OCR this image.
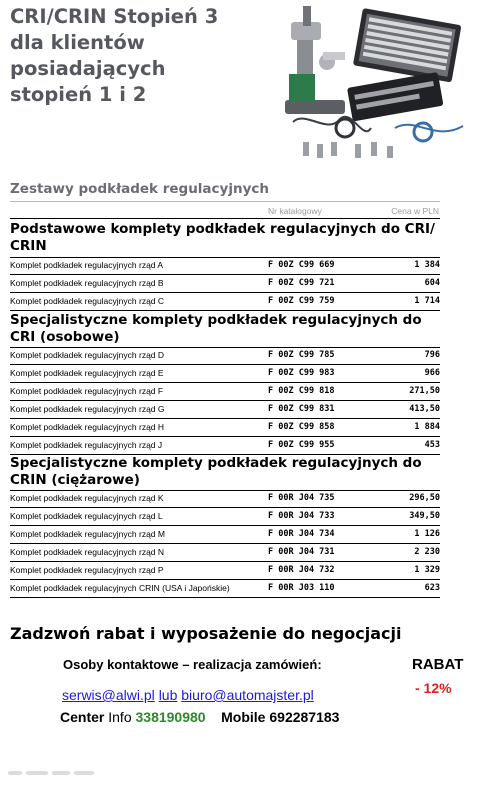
CRI/CRIN Stopień 3
dla klientów
posiadających
stopień 1 i 2
Zestawy podkładek regulacyjnych
Nr katalogowy	Cena w PLN
Podstawowe komplety podkładek regulacyjnych do CRI/ CRIN
Komplet podkładek regulacyjnych rząd A	F 00Z C99 669	1 384
Komplet podkładek regulacyjnych rząd B	F 00Z C99 721	604
Komplet podkładek regulacyjnych rząd C	F 00Z C99 759	1 714
Specjalistyczne komplety podkładek regulacyjnych do CRI (osobowe)
Komplet podkładek regulacyjnych rząd D	F 00Z C99 785	796
Komplet podkładek regulacyjnych rząd E	F 00Z C99 983	966
Komplet podkładek regulacyjnych rząd F	F 00Z C99 818	271,50
Komplet podkładek regulacyjnych rząd G	F 00Z C99 831	413,50
Komplet podkładek regulacyjnych rząd H	F 00Z C99 858	1 884
Komplet podkładek regulacyjnych rząd J	F 00Z C99 955	453
Specjalistyczne komplety podkładek regulacyjnych do CRIN (ciężarowe)
Komplet podkładek regulacyjnych rząd K	F 00R J04 735	296,50
Komplet podkładek regulacyjnych rząd L	F 00R J04 733	349,50
Komplet podkładek regulacyjnych rząd M	F 00R J04 734	1 126
Komplet podkładek regulacyjnych rząd N	F 00R J04 731	2 230
Komplet podkładek regulacyjnych rząd P	F 00R J04 732	1 329
Komplet podkładek regulacyjnych CRIN (USA i Japońskie)	F 00R J03 110	623
Zadzwoń rabat i wyposażenie do negocjacji
Osoby kontaktowe – realizacja zamówień:	RABAT
- 12%
serwis@alwi.pl lub biuro@automajster.pl
Center Info 338190980 Mobile 692287183
